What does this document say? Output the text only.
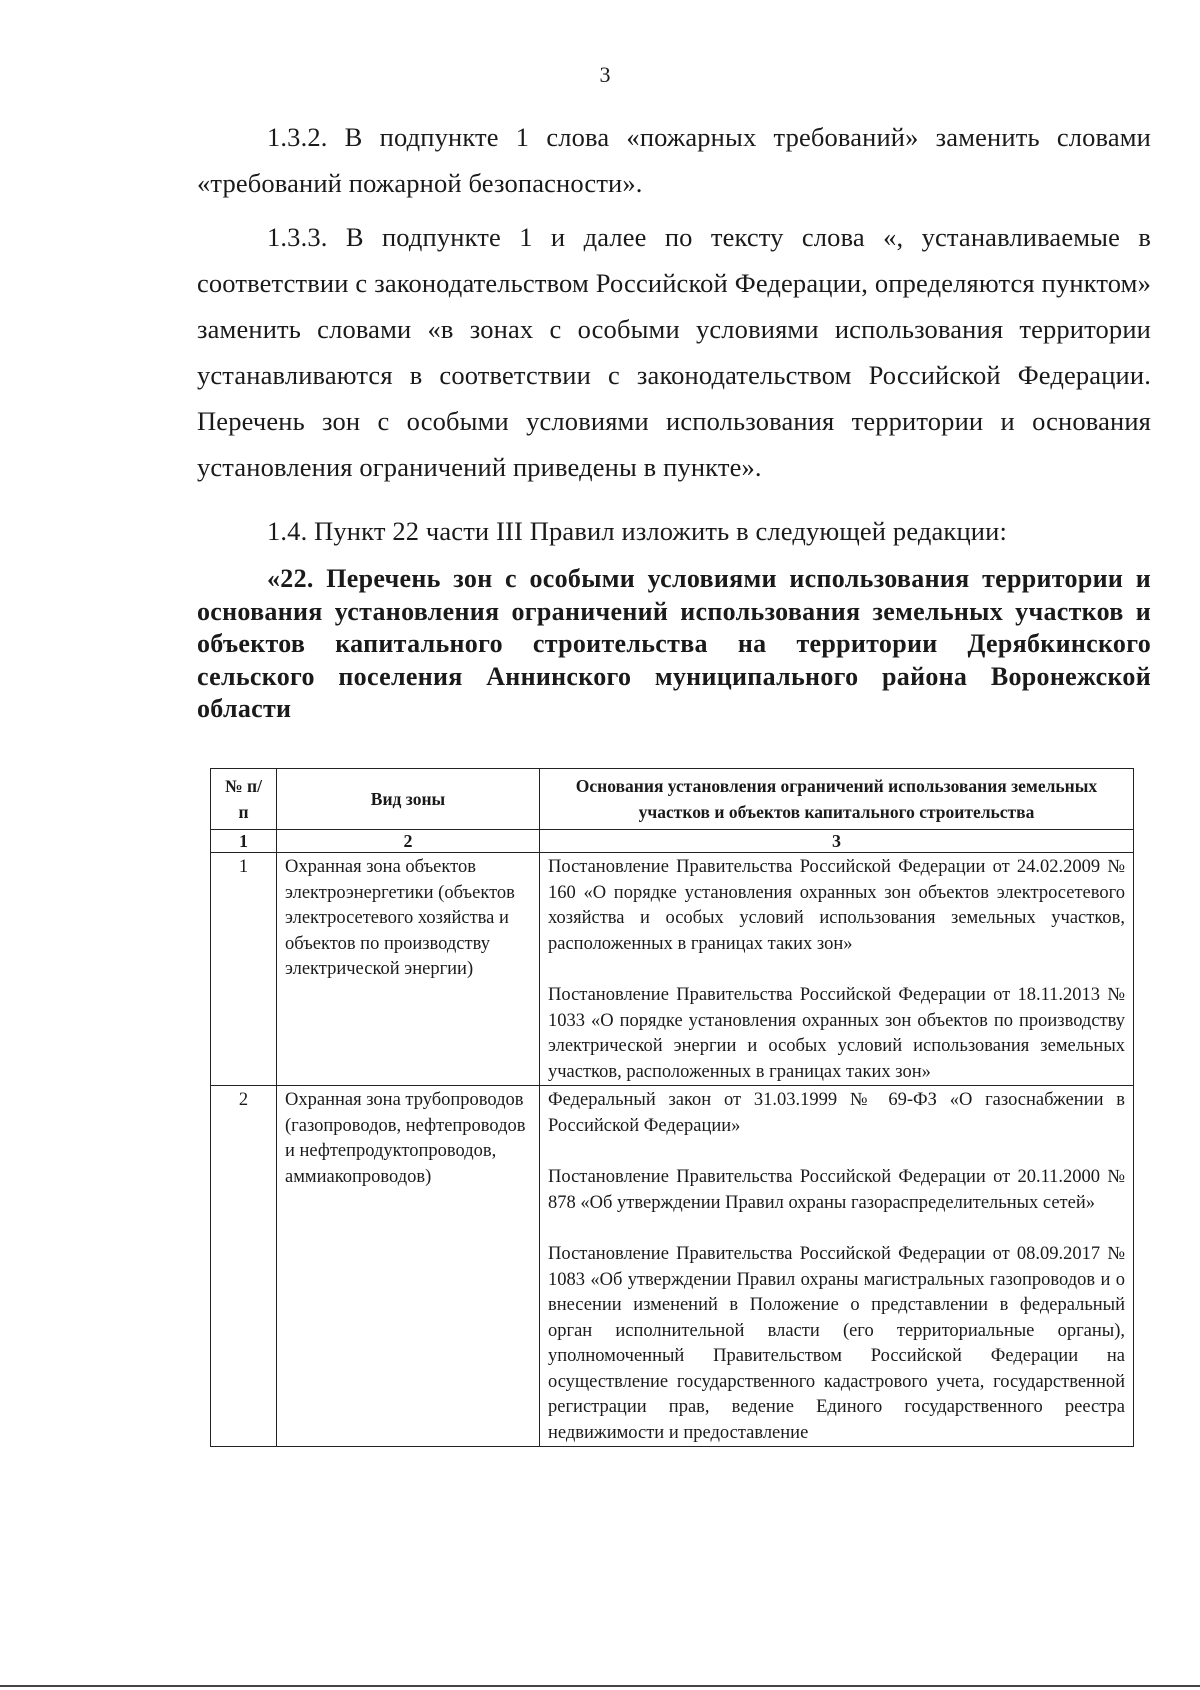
3

1.3.2. В подпункте 1 слова «пожарных требований» заменить словами «требований пожарной безопасности».

1.3.3. В подпункте 1 и далее по тексту слова «, устанавливаемые в соответствии с законодательством Российской Федерации, определяются пунктом» заменить словами «в зонах с особыми условиями использования территории устанавливаются в соответствии с законодательством Российской Федерации. Перечень зон с особыми условиями использования территории и основания установления ограничений приведены в пункте».

1.4. Пункт 22 части III Правил изложить в следующей редакции:

«22. Перечень зон с особыми условиями использования территории и основания установления ограничений использования земельных участков и объектов капитального строительства на территории Дерябкинского сельского поселения Аннинского муниципального района Воронежской области

№ п/п	Вид зоны	Основания установления ограничений использования земельных участков и объектов капитального строительства
1	2	3
1	Охранная зона объектов электроэнергетики (объектов электросетевого хозяйства и объектов по производству электрической энергии)	Постановление Правительства Российской Федерации от 24.02.2009 № 160 «О порядке установления охранных зон объектов электросетевого хозяйства и особых условий использования земельных участков, расположенных в границах таких зон»
Постановление Правительства Российской Федерации от 18.11.2013 № 1033 «О порядке установления охранных зон объектов по производству электрической энергии и особых условий использования земельных участков, расположенных в границах таких зон»

2	Охранная зона трубопроводов (газопроводов, нефтепроводов и нефтепродуктопроводов, аммиакопроводов)	Федеральный закон от 31.03.1999 № 69-ФЗ «О газоснабжении в Российской Федерации»
Постановление Правительства Российской Федерации от 20.11.2000 № 878 «Об утверждении Правил охраны газораспределительных сетей»
Постановление Правительства Российской Федерации от 08.09.2017 № 1083 «Об утверждении Правил охраны магистральных газопроводов и о внесении изменений в Положение о представлении в федеральный орган исполнительной власти (его территориальные органы), уполномоченный Правительством Российской Федерации на осуществление государственного кадастрового учета, государственной регистрации прав, ведение Единого государственного реестра недвижимости и предоставление
